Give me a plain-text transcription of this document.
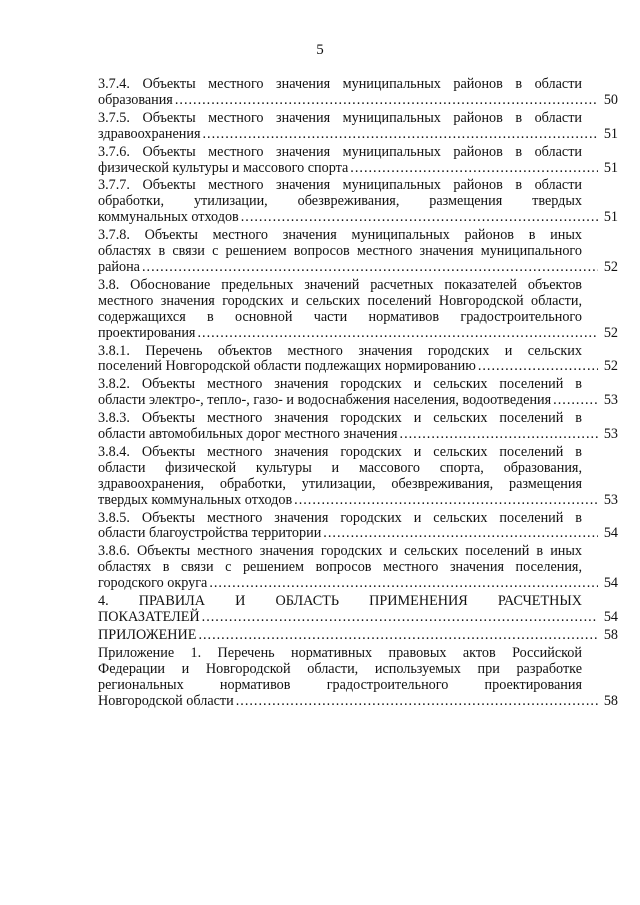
5
3.7.4. Объекты местного значения муниципальных районов в области
образования .....	50
3.7.5. Объекты местного значения муниципальных районов в области
здравоохранения .....	51
3.7.6. Объекты местного значения муниципальных районов в области
физической культуры и массового спорта .....	51
3.7.7. Объекты местного значения муниципальных районов в области
обработки, утилизации, обезвреживания, размещения твердых
коммунальных отходов .....	51
3.7.8. Объекты местного значения муниципальных районов в иных
областях в связи с решением вопросов местного значения муниципального
района .....	52
3.8. Обоснование предельных значений расчетных показателей объектов
местного значения городских и сельских поселений Новгородской области,
содержащихся в основной части нормативов градостроительного
проектирования .....	52
3.8.1. Перечень объектов местного значения городских и сельских
поселений Новгородской области подлежащих нормированию .....	52
3.8.2. Объекты местного значения городских и сельских поселений в
области электро-, тепло-, газо- и водоснабжения населения, водоотведения .....	53
3.8.3. Объекты местного значения городских и сельских поселений в
области автомобильных дорог местного значения .....	53
3.8.4. Объекты местного значения городских и сельских поселений в
области физической культуры и массового спорта, образования,
здравоохранения, обработки, утилизации, обезвреживания, размещения
твердых коммунальных отходов .....	53
3.8.5. Объекты местного значения городских и сельских поселений в
области благоустройства территории .....	54
3.8.6. Объекты местного значения городских и сельских поселений в иных
областях в связи с решением вопросов местного значения поселения,
городского округа .....	54
4. ПРАВИЛА И ОБЛАСТЬ ПРИМЕНЕНИЯ РАСЧЕТНЫХ
ПОКАЗАТЕЛЕЙ .....	54
ПРИЛОЖЕНИЕ .....	58
Приложение 1. Перечень нормативных правовых актов Российской
Федерации и Новгородской области, используемых при разработке
региональных нормативов градостроительного проектирования
Новгородской области .....	58
